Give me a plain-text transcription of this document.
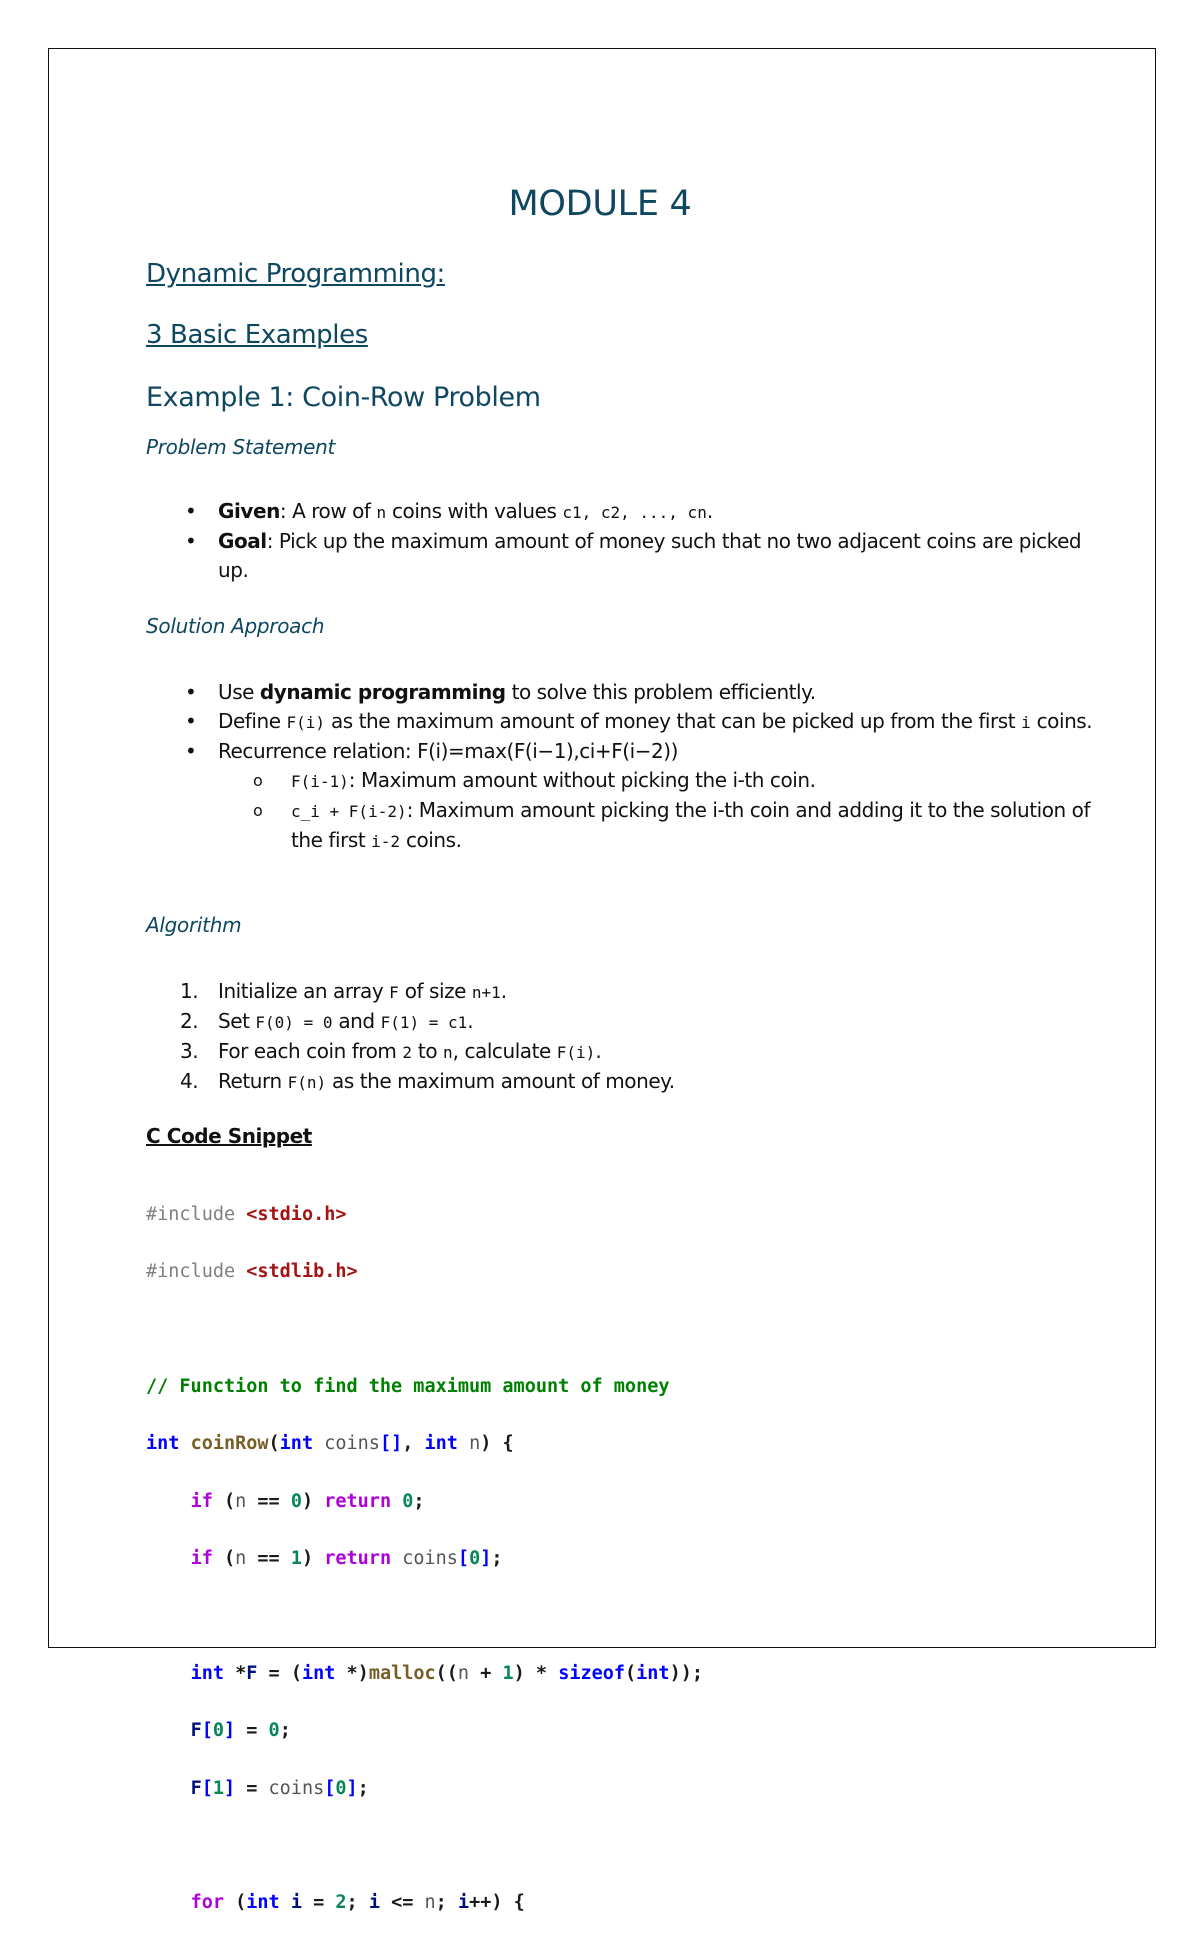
MODULE 4
Dynamic Programming:
3 Basic Examples
Example 1: Coin-Row Problem
Problem Statement
• Given: A row of n coins with values c1, c2, ..., cn.
• Goal: Pick up the maximum amount of money such that no two adjacent coins are picked up.
Solution Approach
• Use dynamic programming to solve this problem efficiently.
• Define F(i) as the maximum amount of money that can be picked up from the first i coins.
• Recurrence relation: F(i)=max(F(i−1),ci+F(i−2))
o F(i-1): Maximum amount without picking the i-th coin.
o c_i + F(i-2): Maximum amount picking the i-th coin and adding it to the solution of the first i-2 coins.
Algorithm
1. Initialize an array F of size n+1.
2. Set F(0) = 0 and F(1) = c1.
3. For each coin from 2 to n, calculate F(i).
4. Return F(n) as the maximum amount of money.
C Code Snippet

#include <stdio.h>

#include <stdlib.h>

// Function to find the maximum amount of money

int coinRow(int coins[], int n) {

if (n == 0) return 0;

if (n == 1) return coins[0];

int *F = (int *)malloc((n + 1) * sizeof(int));

F[0] = 0;

F[1] = coins[0];

for (int i = 2; i <= n; i++) {
